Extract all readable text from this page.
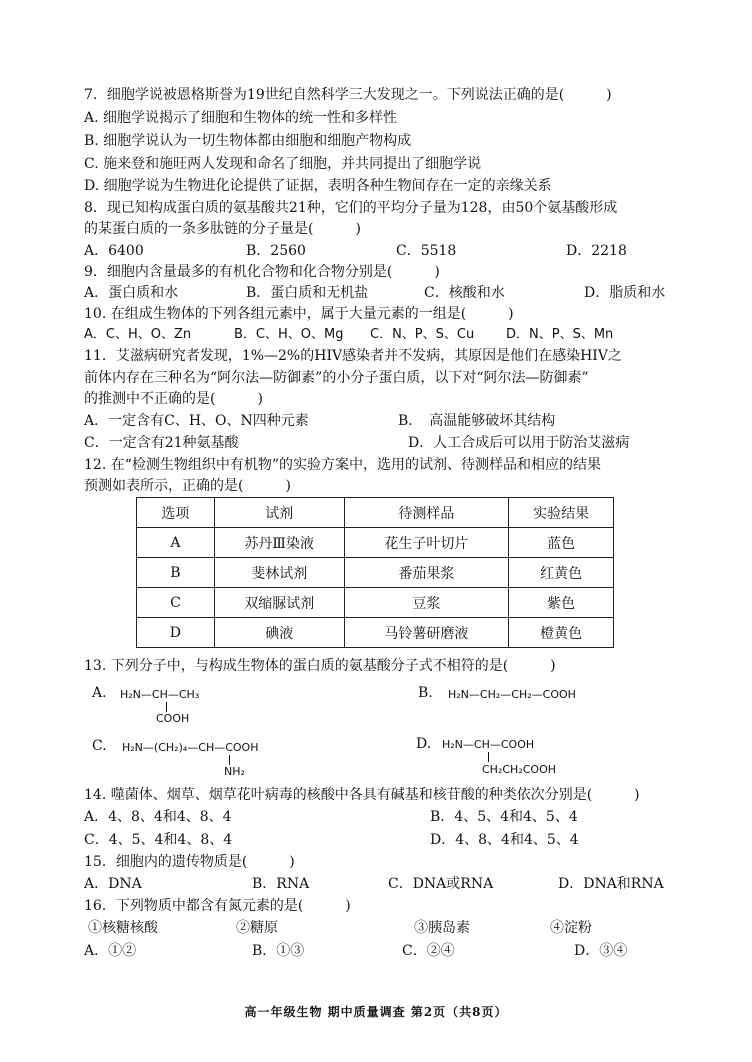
7．细胞学说被恩格斯誉为19世纪自然科学三大发现之一。下列说法正确的是(　　　)
A. 细胞学说揭示了细胞和生物体的统一性和多样性
B. 细胞学说认为一切生物体都由细胞和细胞产物构成
C. 施来登和施旺两人发现和命名了细胞，并共同提出了细胞学说
D. 细胞学说为生物进化论提供了证据，表明各种生物间存在一定的亲缘关系
8．现已知构成蛋白质的氨基酸共21种，它们的平均分子量为128，由50个氨基酸形成
的某蛋白质的一条多肽链的分子量是(　　　)
A．6400	B．2560	C．5518	D．2218
9．细胞内含量最多的有机化合物和化合物分别是(　　　)
A．蛋白质和水	B．蛋白质和无机盐	C．核酸和水	D．脂质和水
10. 在组成生物体的下列各组元素中，属于大量元素的一组是(　　　)
A．C、H、O、Zn	B．C、H、O、Mg C．N、P、S、Cu D．N、P、S、Mn
11．艾滋病研究者发现，1%—2%的HIV感染者并不发病，其原因是他们在感染HIV之
前体内存在三种名为“阿尔法—防御素”的小分子蛋白质，以下对“阿尔法—防御素”
的推测中不正确的是(　　　)
A．一定含有C、H、O、N四种元素	B．　高温能够破坏其结构
C．一定含有21种氨基酸	D．人工合成后可以用于防治艾滋病
12. 在“检测生物组织中有机物”的实验方案中，选用的试剂、待测样品和相应的结果
预测如表所示，正确的是(　　　)
选项	试剂	待测样品	实验结果
A	苏丹Ⅲ染液	花生子叶切片	蓝色
B	斐林试剂	番茄果浆	红黄色
C	双缩脲试剂	豆浆	紫色
D	碘液	马铃薯研磨液	橙黄色
13. 下列分子中，与构成生物体的蛋白质的氨基酸分子式不相符的是(　　　)
A. H₂N—CH—CH₃
COOH
B. H₂N—CH₂—CH₂—COOH
C. H₂N—(CH₂)₄—CH—COOH
NH₂
D. H₂N—CH—COOH
CH₂CH₂COOH
14. 噬菌体、烟草、烟草花叶病毒的核酸中各具有碱基和核苷酸的种类依次分别是(　　　)
A．4、8、4和4、8、4	B．4、5、4和4、5、4
C．4、5、4和4、8、4	D．4、8、4和4、5、4
15．细胞内的遗传物质是(　　　)
A．DNA	B．RNA	C．DNA或RNA	D．DNA和RNA
16．下列物质中都含有氮元素的是(　　　)
①核糖核酸	②糖原	③胰岛素	④淀粉
A．①②	B．①③	C．②④	D．③④
高一年级生物 期中质量调查 第2页（共8页）
